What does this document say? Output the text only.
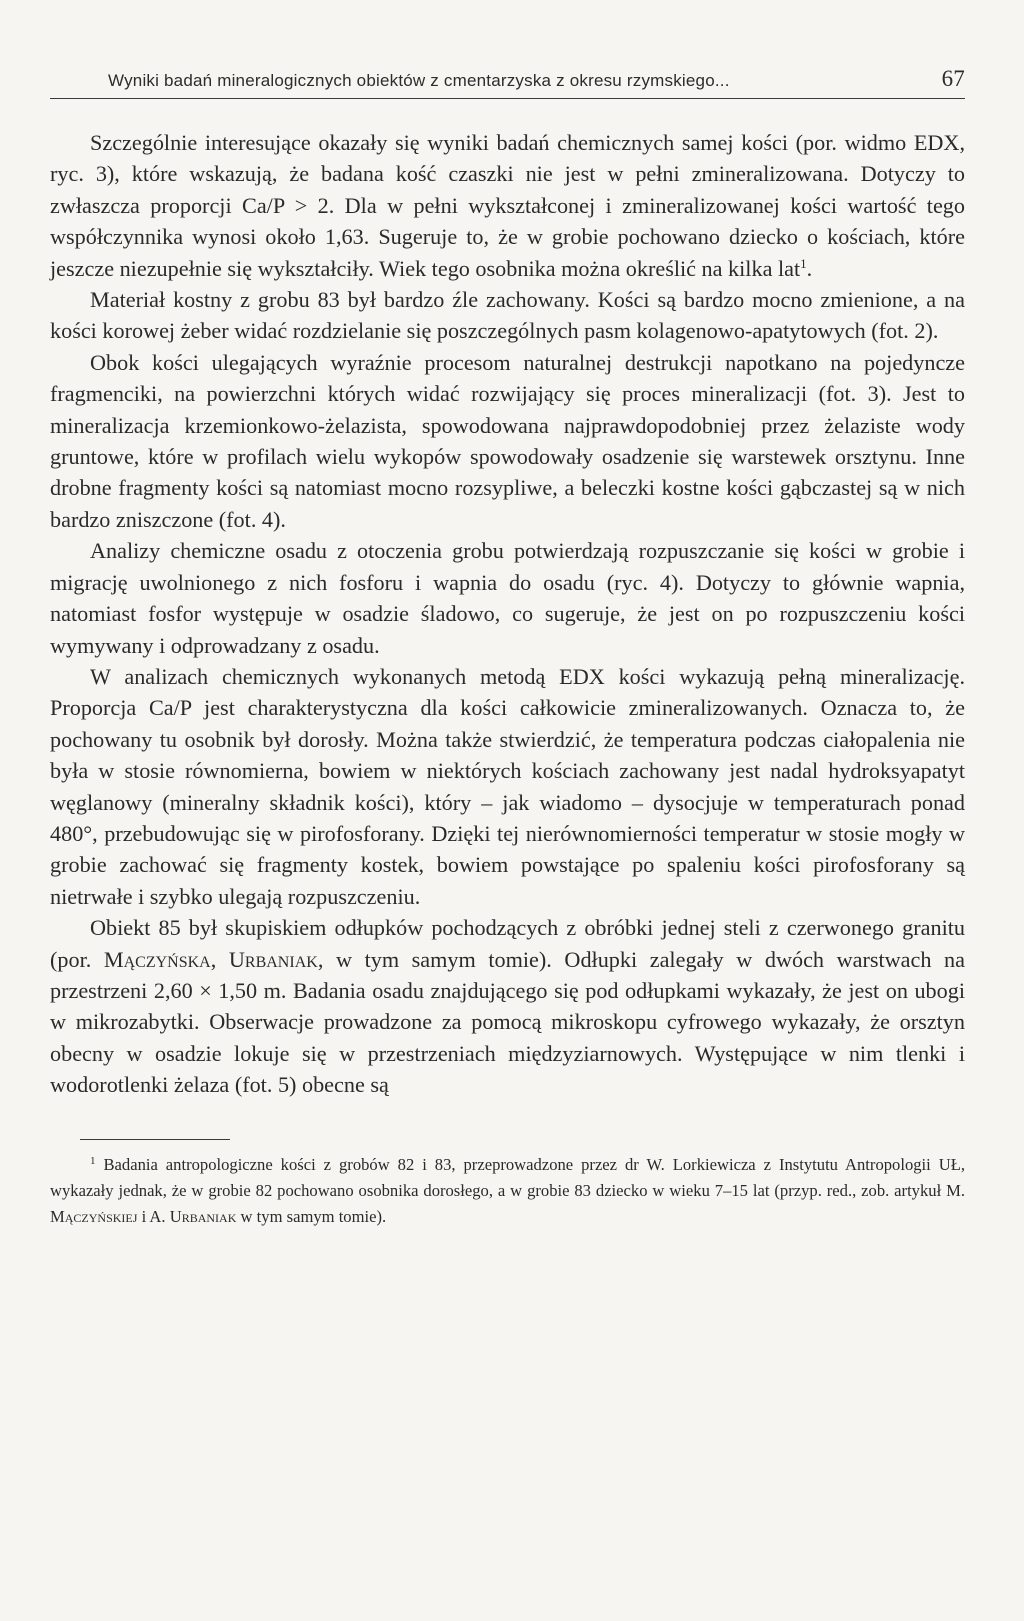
Wyniki badań mineralogicznych obiektów z cmentarzyska z okresu rzymskiego...	67

Szczególnie interesujące okazały się wyniki badań chemicznych samej kości (por. widmo EDX, ryc. 3), które wskazują, że badana kość czaszki nie jest w pełni zmineralizowana. Dotyczy to zwłaszcza proporcji Ca/P > 2. Dla w pełni wykształconej i zmineralizowanej kości wartość tego współczynnika wynosi około 1,63. Sugeruje to, że w grobie pochowano dziecko o kościach, które jeszcze niezupełnie się wykształciły. Wiek tego osobnika można określić na kilka lat$^1$.

Materiał kostny z grobu 83 był bardzo źle zachowany. Kości są bardzo mocno zmienione, a na kości korowej żeber widać rozdzielanie się poszczególnych pasm kolagenowo-apatytowych (fot. 2).

Obok kości ulegających wyraźnie procesom naturalnej destrukcji napotkano na pojedyncze fragmenciki, na powierzchni których widać rozwijający się proces mineralizacji (fot. 3). Jest to mineralizacja krzemionkowo-żelazista, spowodowana najprawdopodobniej przez żelaziste wody gruntowe, które w profilach wielu wykopów spowodowały osadzenie się warstewek orsztynu. Inne drobne fragmenty kości są natomiast mocno rozsypliwe, a beleczki kostne kości gąbczastej są w nich bardzo zniszczone (fot. 4).

Analizy chemiczne osadu z otoczenia grobu potwierdzają rozpuszczanie się kości w grobie i migrację uwolnionego z nich fosforu i wapnia do osadu (ryc. 4). Dotyczy to głównie wapnia, natomiast fosfor występuje w osadzie śladowo, co sugeruje, że jest on po rozpuszczeniu kości wymywany i odprowadzany z osadu.

W analizach chemicznych wykonanych metodą EDX kości wykazują pełną mineralizację. Proporcja Ca/P jest charakterystyczna dla kości całkowicie zmineralizowanych. Oznacza to, że pochowany tu osobnik był dorosły. Można także stwierdzić, że temperatura podczas ciałopalenia nie była w stosie równomierna, bowiem w niektórych kościach zachowany jest nadal hydroksyapatyt węglanowy (mineralny składnik kości), który – jak wiadomo – dysocjuje w temperaturach ponad 480°, przebudowując się w pirofosforany. Dzięki tej nierównomierności temperatur w stosie mogły w grobie zachować się fragmenty kostek, bowiem powstające po spaleniu kości pirofosforany są nietrwałe i szybko ulegają rozpuszczeniu.

Obiekt 85 był skupiskiem odłupków pochodzących z obróbki jednej steli z czerwonego granitu (por. Mączyńska, Urbaniak, w tym samym tomie). Odłupki zalegały w dwóch warstwach na przestrzeni 2,60 × 1,50 m. Badania osadu znajdującego się pod odłupkami wykazały, że jest on ubogi w mikrozabytki. Obserwacje prowadzone za pomocą mikroskopu cyfrowego wykazały, że orsztyn obecny w osadzie lokuje się w przestrzeniach międzyziarnowych. Występujące w nim tlenki i wodorotlenki żelaza (fot. 5) obecne są

$^1$ Badania antropologiczne kości z grobów 82 i 83, przeprowadzone przez dr W. Lorkiewicza z Instytutu Antropologii UŁ, wykazały jednak, że w grobie 82 pochowano osobnika dorosłego, a w grobie 83 dziecko w wieku 7–15 lat (przyp. red., zob. artykuł M. Mączyńskiej i A. Urbaniak w tym samym tomie).
